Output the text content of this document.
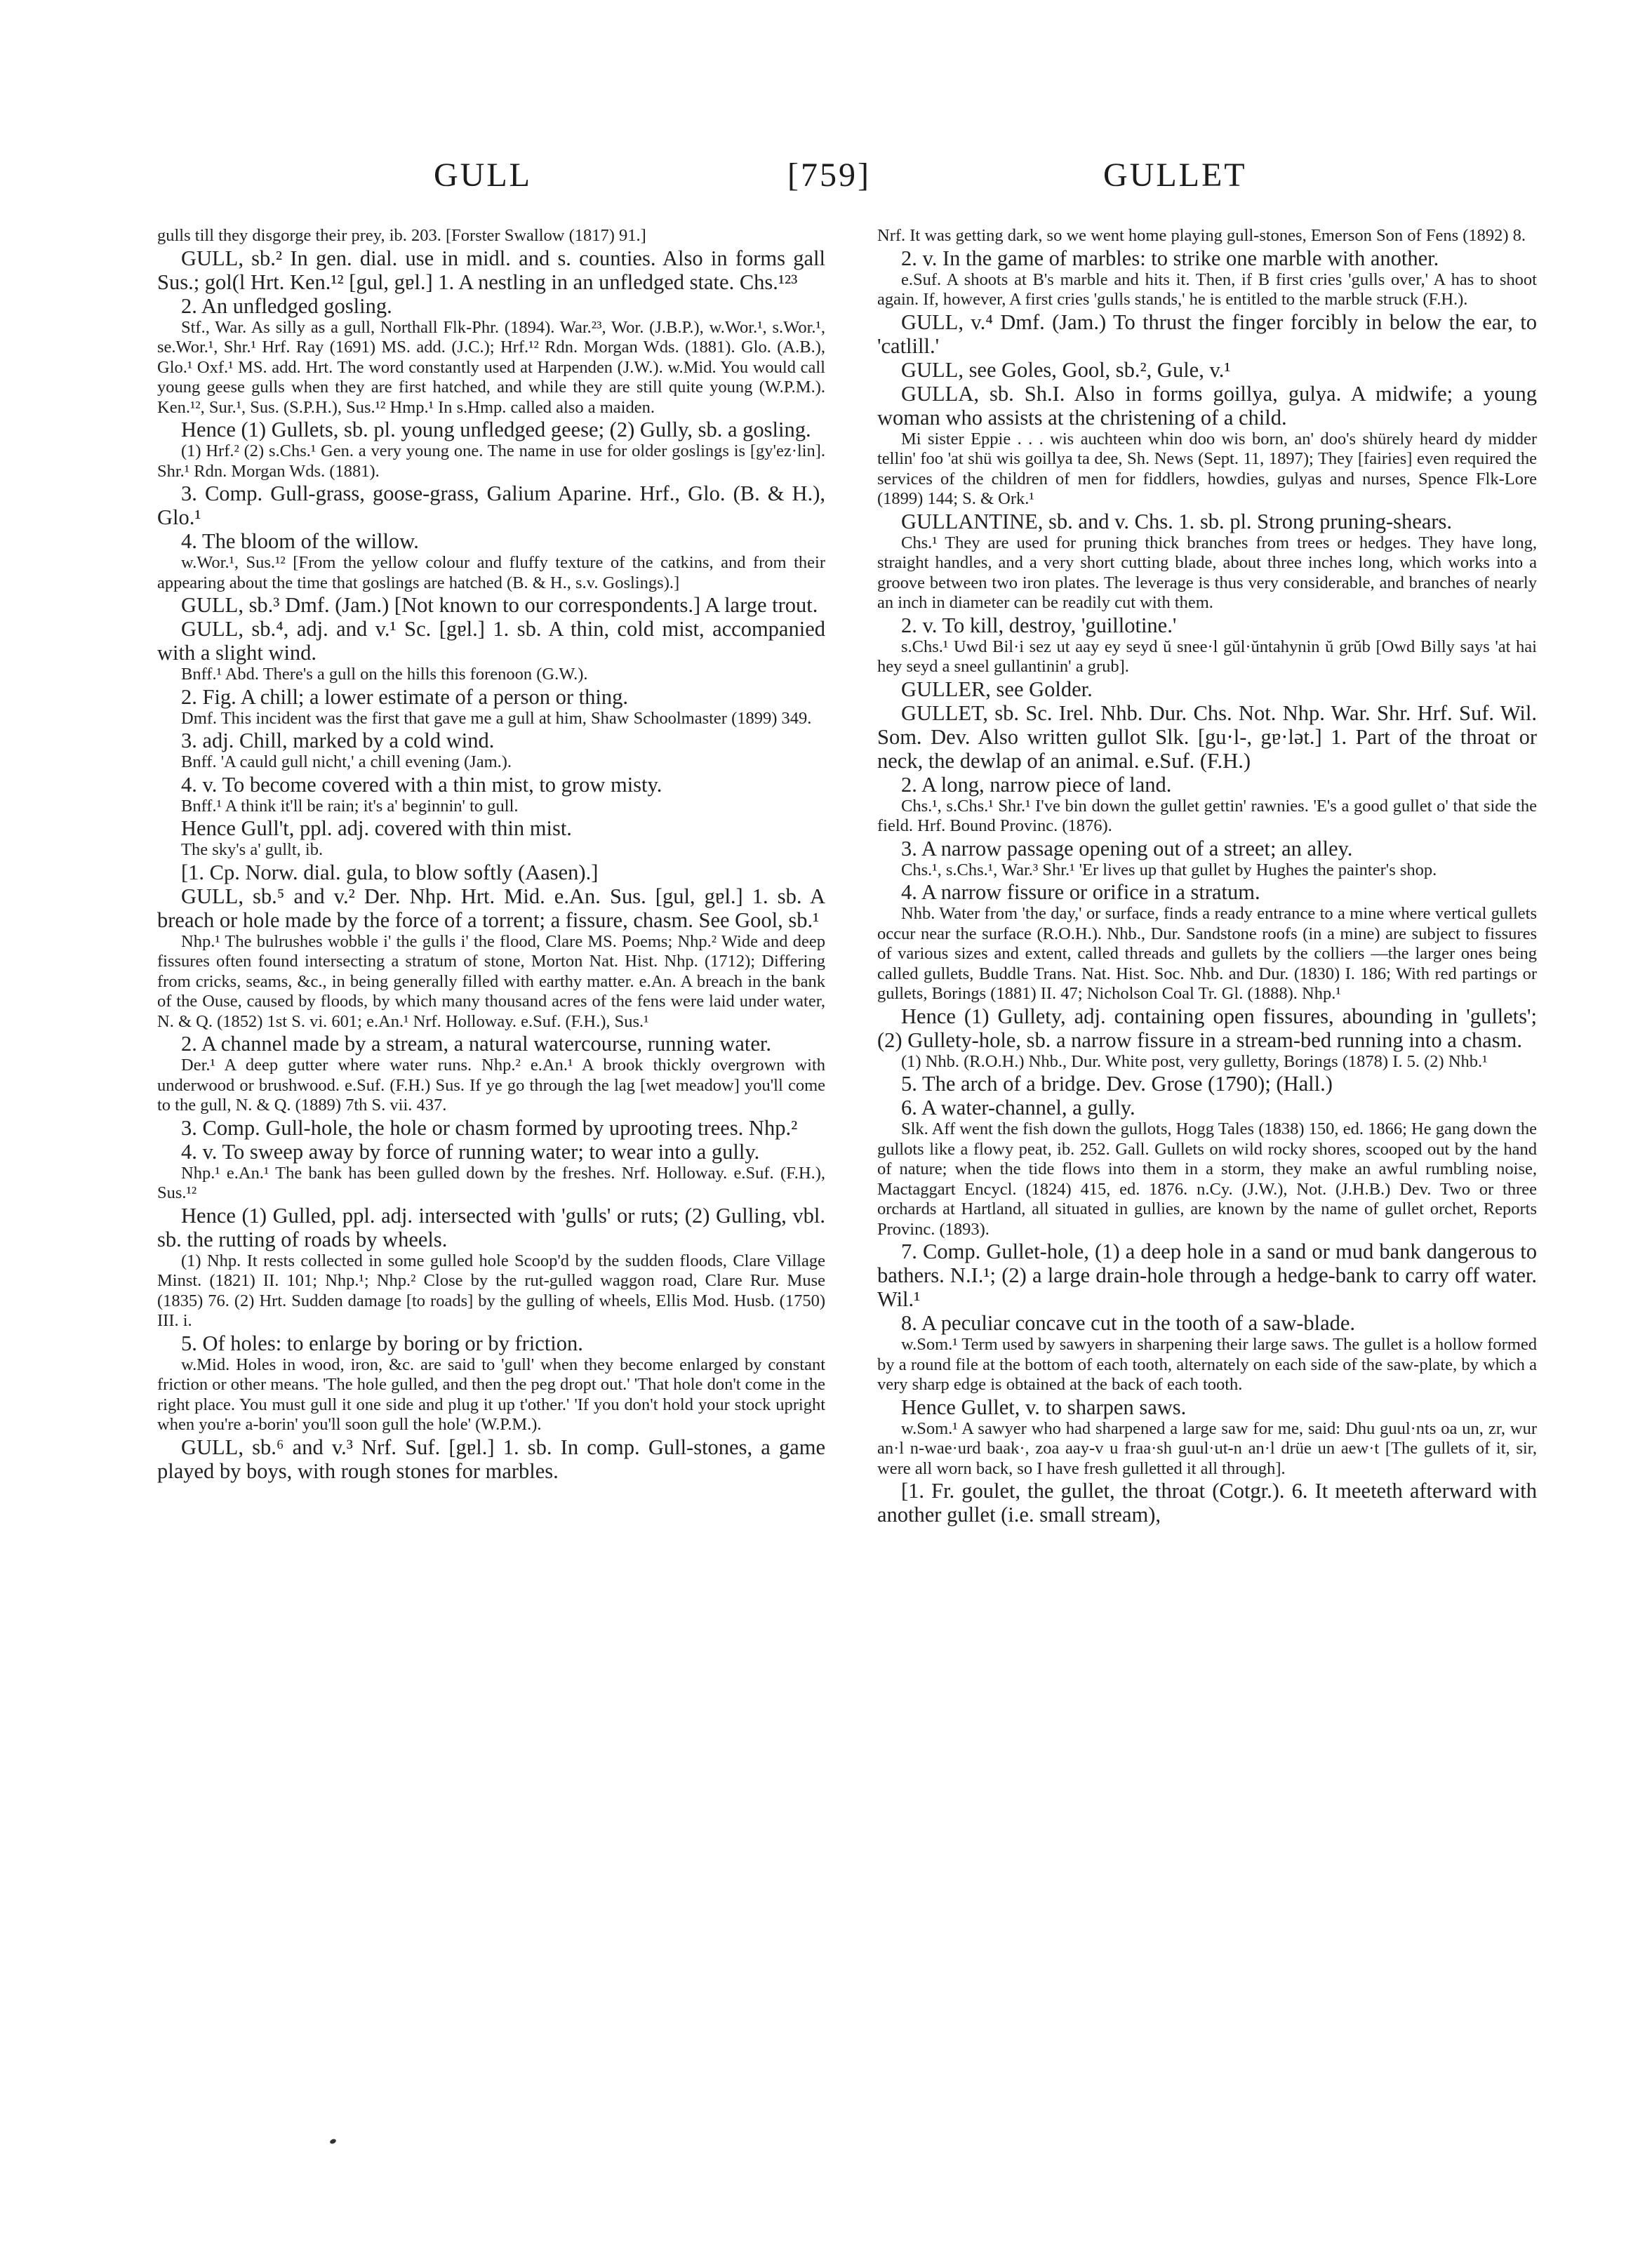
GULL	[759]	GULLET

gulls till they disgorge their prey, ib. 203. [Forster Swallow (1817) 91.]

GULL, sb.² In gen. dial. use in midl. and s. counties. Also in forms gall Sus.; gol(l Hrt. Ken.¹² [gul, gɐl.] 1. A nestling in an unfledged state. Chs.¹²³

2. An unfledged gosling.

Stf., War. As silly as a gull, Northall Flk-Phr. (1894). War.²³, Wor. (J.B.P.), w.Wor.¹, s.Wor.¹, se.Wor.¹, Shr.¹ Hrf. Ray (1691) MS. add. (J.C.); Hrf.¹² Rdn. Morgan Wds. (1881). Glo. (A.B.), Glo.¹ Oxf.¹ MS. add. Hrt. The word constantly used at Harpenden (J.W.). w.Mid. You would call young geese gulls when they are first hatched, and while they are still quite young (W.P.M.). Ken.¹², Sur.¹, Sus. (S.P.H.), Sus.¹² Hmp.¹ In s.Hmp. called also a maiden.

Hence (1) Gullets, sb. pl. young unfledged geese; (2) Gully, sb. a gosling.

(1) Hrf.² (2) s.Chs.¹ Gen. a very young one. The name in use for older goslings is [gy'ez·lin]. Shr.¹ Rdn. Morgan Wds. (1881).

3. Comp. Gull-grass, goose-grass, Galium Aparine. Hrf., Glo. (B. & H.), Glo.¹

4. The bloom of the willow.

w.Wor.¹, Sus.¹² [From the yellow colour and fluffy texture of the catkins, and from their appearing about the time that goslings are hatched (B. & H., s.v. Goslings).]

GULL, sb.³ Dmf. (Jam.) [Not known to our correspondents.] A large trout.

GULL, sb.⁴, adj. and v.¹ Sc. [gɐl.] 1. sb. A thin, cold mist, accompanied with a slight wind.

Bnff.¹ Abd. There's a gull on the hills this forenoon (G.W.).

2. Fig. A chill; a lower estimate of a person or thing.

Dmf. This incident was the first that gave me a gull at him, Shaw Schoolmaster (1899) 349.

3. adj. Chill, marked by a cold wind.

Bnff. 'A cauld gull nicht,' a chill evening (Jam.).

4. v. To become covered with a thin mist, to grow misty.

Bnff.¹ A think it'll be rain; it's a' beginnin' to gull.

Hence Gull't, ppl. adj. covered with thin mist.

The sky's a' gullt, ib.

[1. Cp. Norw. dial. gula, to blow softly (Aasen).]

GULL, sb.⁵ and v.² Der. Nhp. Hrt. Mid. e.An. Sus. [gul, gɐl.] 1. sb. A breach or hole made by the force of a torrent; a fissure, chasm. See Gool, sb.¹

Nhp.¹ The bulrushes wobble i' the gulls i' the flood, Clare MS. Poems; Nhp.² Wide and deep fissures often found intersecting a stratum of stone, Morton Nat. Hist. Nhp. (1712); Differing from cricks, seams, &c., in being generally filled with earthy matter. e.An. A breach in the bank of the Ouse, caused by floods, by which many thousand acres of the fens were laid under water, N. & Q. (1852) 1st S. vi. 601; e.An.¹ Nrf. Holloway. e.Suf. (F.H.), Sus.¹

2. A channel made by a stream, a natural watercourse, running water.

Der.¹ A deep gutter where water runs. Nhp.² e.An.¹ A brook thickly overgrown with underwood or brushwood. e.Suf. (F.H.) Sus. If ye go through the lag [wet meadow] you'll come to the gull, N. & Q. (1889) 7th S. vii. 437.

3. Comp. Gull-hole, the hole or chasm formed by uprooting trees. Nhp.²

4. v. To sweep away by force of running water; to wear into a gully.

Nhp.¹ e.An.¹ The bank has been gulled down by the freshes. Nrf. Holloway. e.Suf. (F.H.), Sus.¹²

Hence (1) Gulled, ppl. adj. intersected with 'gulls' or ruts; (2) Gulling, vbl. sb. the rutting of roads by wheels.

(1) Nhp. It rests collected in some gulled hole Scoop'd by the sudden floods, Clare Village Minst. (1821) II. 101; Nhp.¹; Nhp.² Close by the rut-gulled waggon road, Clare Rur. Muse (1835) 76. (2) Hrt. Sudden damage [to roads] by the gulling of wheels, Ellis Mod. Husb. (1750) III. i.

5. Of holes: to enlarge by boring or by friction.

w.Mid. Holes in wood, iron, &c. are said to 'gull' when they become enlarged by constant friction or other means. 'The hole gulled, and then the peg dropt out.' 'That hole don't come in the right place. You must gull it one side and plug it up t'other.' 'If you don't hold your stock upright when you're a-borin' you'll soon gull the hole' (W.P.M.).

GULL, sb.⁶ and v.³ Nrf. Suf. [gɐl.] 1. sb. In comp. Gull-stones, a game played by boys, with rough stones for marbles.

Nrf. It was getting dark, so we went home playing gull-stones, Emerson Son of Fens (1892) 8.

2. v. In the game of marbles: to strike one marble with another.

e.Suf. A shoots at B's marble and hits it. Then, if B first cries 'gulls over,' A has to shoot again. If, however, A first cries 'gulls stands,' he is entitled to the marble struck (F.H.).

GULL, v.⁴ Dmf. (Jam.) To thrust the finger forcibly in below the ear, to 'catlill.'

GULL, see Goles, Gool, sb.², Gule, v.¹

GULLA, sb. Sh.I. Also in forms goillya, gulya. A midwife; a young woman who assists at the christening of a child.

Mi sister Eppie . . . wis auchteen whin doo wis born, an' doo's shürely heard dy midder tellin' foo 'at shü wis goillya ta dee, Sh. News (Sept. 11, 1897); They [fairies] even required the services of the children of men for fiddlers, howdies, gulyas and nurses, Spence Flk-Lore (1899) 144; S. & Ork.¹

GULLANTINE, sb. and v. Chs. 1. sb. pl. Strong pruning-shears.

Chs.¹ They are used for pruning thick branches from trees or hedges. They have long, straight handles, and a very short cutting blade, about three inches long, which works into a groove between two iron plates. The leverage is thus very considerable, and branches of nearly an inch in diameter can be readily cut with them.

2. v. To kill, destroy, 'guillotine.'

s.Chs.¹ Uwd Bil·i sez ut aay ey seyd ŭ snee·l gŭl·ŭntahynin ŭ grŭb [Owd Billy says 'at hai hey seyd a sneel gullantinin' a grub].

GULLER, see Golder.

GULLET, sb. Sc. Irel. Nhb. Dur. Chs. Not. Nhp. War. Shr. Hrf. Suf. Wil. Som. Dev. Also written gullot Slk. [gu·l-, gɐ·lət.] 1. Part of the throat or neck, the dewlap of an animal. e.Suf. (F.H.)

2. A long, narrow piece of land.

Chs.¹, s.Chs.¹ Shr.¹ I've bin down the gullet gettin' rawnies. 'E's a good gullet o' that side the field. Hrf. Bound Provinc. (1876).

3. A narrow passage opening out of a street; an alley.

Chs.¹, s.Chs.¹, War.³ Shr.¹ 'Er lives up that gullet by Hughes the painter's shop.

4. A narrow fissure or orifice in a stratum.

Nhb. Water from 'the day,' or surface, finds a ready entrance to a mine where vertical gullets occur near the surface (R.O.H.). Nhb., Dur. Sandstone roofs (in a mine) are subject to fissures of various sizes and extent, called threads and gullets by the colliers —the larger ones being called gullets, Buddle Trans. Nat. Hist. Soc. Nhb. and Dur. (1830) I. 186; With red partings or gullets, Borings (1881) II. 47; Nicholson Coal Tr. Gl. (1888). Nhp.¹

Hence (1) Gullety, adj. containing open fissures, abounding in 'gullets'; (2) Gullety-hole, sb. a narrow fissure in a stream-bed running into a chasm.

(1) Nhb. (R.O.H.) Nhb., Dur. White post, very gulletty, Borings (1878) I. 5. (2) Nhb.¹

5. The arch of a bridge. Dev. Grose (1790); (Hall.)

6. A water-channel, a gully.

Slk. Aff went the fish down the gullots, Hogg Tales (1838) 150, ed. 1866; He gang down the gullots like a flowy peat, ib. 252. Gall. Gullets on wild rocky shores, scooped out by the hand of nature; when the tide flows into them in a storm, they make an awful rumbling noise, Mactaggart Encycl. (1824) 415, ed. 1876. n.Cy. (J.W.), Not. (J.H.B.) Dev. Two or three orchards at Hartland, all situated in gullies, are known by the name of gullet orchet, Reports Provinc. (1893).

7. Comp. Gullet-hole, (1) a deep hole in a sand or mud bank dangerous to bathers. N.I.¹; (2) a large drain-hole through a hedge-bank to carry off water. Wil.¹

8. A peculiar concave cut in the tooth of a saw-blade.

w.Som.¹ Term used by sawyers in sharpening their large saws. The gullet is a hollow formed by a round file at the bottom of each tooth, alternately on each side of the saw-plate, by which a very sharp edge is obtained at the back of each tooth.

Hence Gullet, v. to sharpen saws.

w.Som.¹ A sawyer who had sharpened a large saw for me, said: Dhu guul·nts oa un, zr, wur an·l n-wae·urd baak·, zoa aay-v u fraa·sh guul·ut-n an·l drüe un aew·t [The gullets of it, sir, were all worn back, so I have fresh gulletted it all through].

[1. Fr. goulet, the gullet, the throat (Cotgr.). 6. It meeteth afterward with another gullet (i.e. small stream),
